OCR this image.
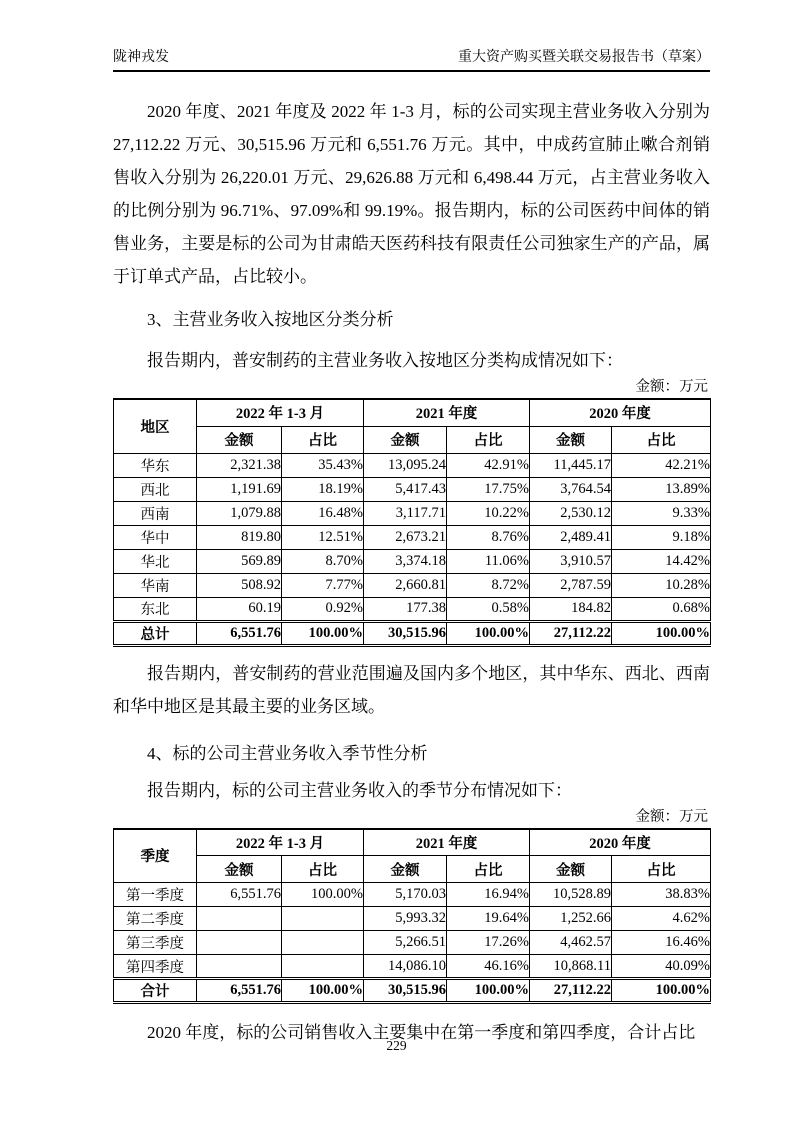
陇神戎发	重大资产购买暨关联交易报告书（草案）

2020 年度、2021 年度及 2022 年 1-3 月，标的公司实现主营业务收入分别为 27,112.22 万元、30,515.96 万元和 6,551.76 万元。其中，中成药宣肺止嗽合剂销售收入分别为 26,220.01 万元、29,626.88 万元和 6,498.44 万元，占主营业务收入的比例分别为 96.71%、97.09%和 99.19%。报告期内，标的公司医药中间体的销售业务，主要是标的公司为甘肃皓天医药科技有限责任公司独家生产的产品，属于订单式产品，占比较小。

3、主营业务收入按地区分类分析

报告期内，普安制药的主营业务收入按地区分类构成情况如下：

金额：万元

地区	2022 年 1-3 月		2021 年度		2020 年度	
	金额	占比	金额	占比	金额	占比
华东	2,321.38	35.43%	13,095.24	42.91%	11,445.17	42.21%
西北	1,191.69	18.19%	5,417.43	17.75%	3,764.54	13.89%
西南	1,079.88	16.48%	3,117.71	10.22%	2,530.12	9.33%
华中	819.80	12.51%	2,673.21	8.76%	2,489.41	9.18%
华北	569.89	8.70%	3,374.18	11.06%	3,910.57	14.42%
华南	508.92	7.77%	2,660.81	8.72%	2,787.59	10.28%
东北	60.19	0.92%	177.38	0.58%	184.82	0.68%
总计	6,551.76	100.00%	30,515.96	100.00%	27,112.22	100.00%

报告期内，普安制药的营业范围遍及国内多个地区，其中华东、西北、西南和华中地区是其最主要的业务区域。

4、标的公司主营业务收入季节性分析

报告期内，标的公司主营业务收入的季节分布情况如下：

金额：万元

季度	2022 年 1-3 月		2021 年度		2020 年度	
	金额	占比	金额	占比	金额	占比
第一季度	6,551.76	100.00%	5,170.03	16.94%	10,528.89	38.83%
第二季度			5,993.32	19.64%	1,252.66	4.62%
第三季度			5,266.51	17.26%	4,462.57	16.46%
第四季度			14,086.10	46.16%	10,868.11	40.09%
合计	6,551.76	100.00%	30,515.96	100.00%	27,112.22	100.00%

2020 年度，标的公司销售收入主要集中在第一季度和第四季度，合计占比

229
